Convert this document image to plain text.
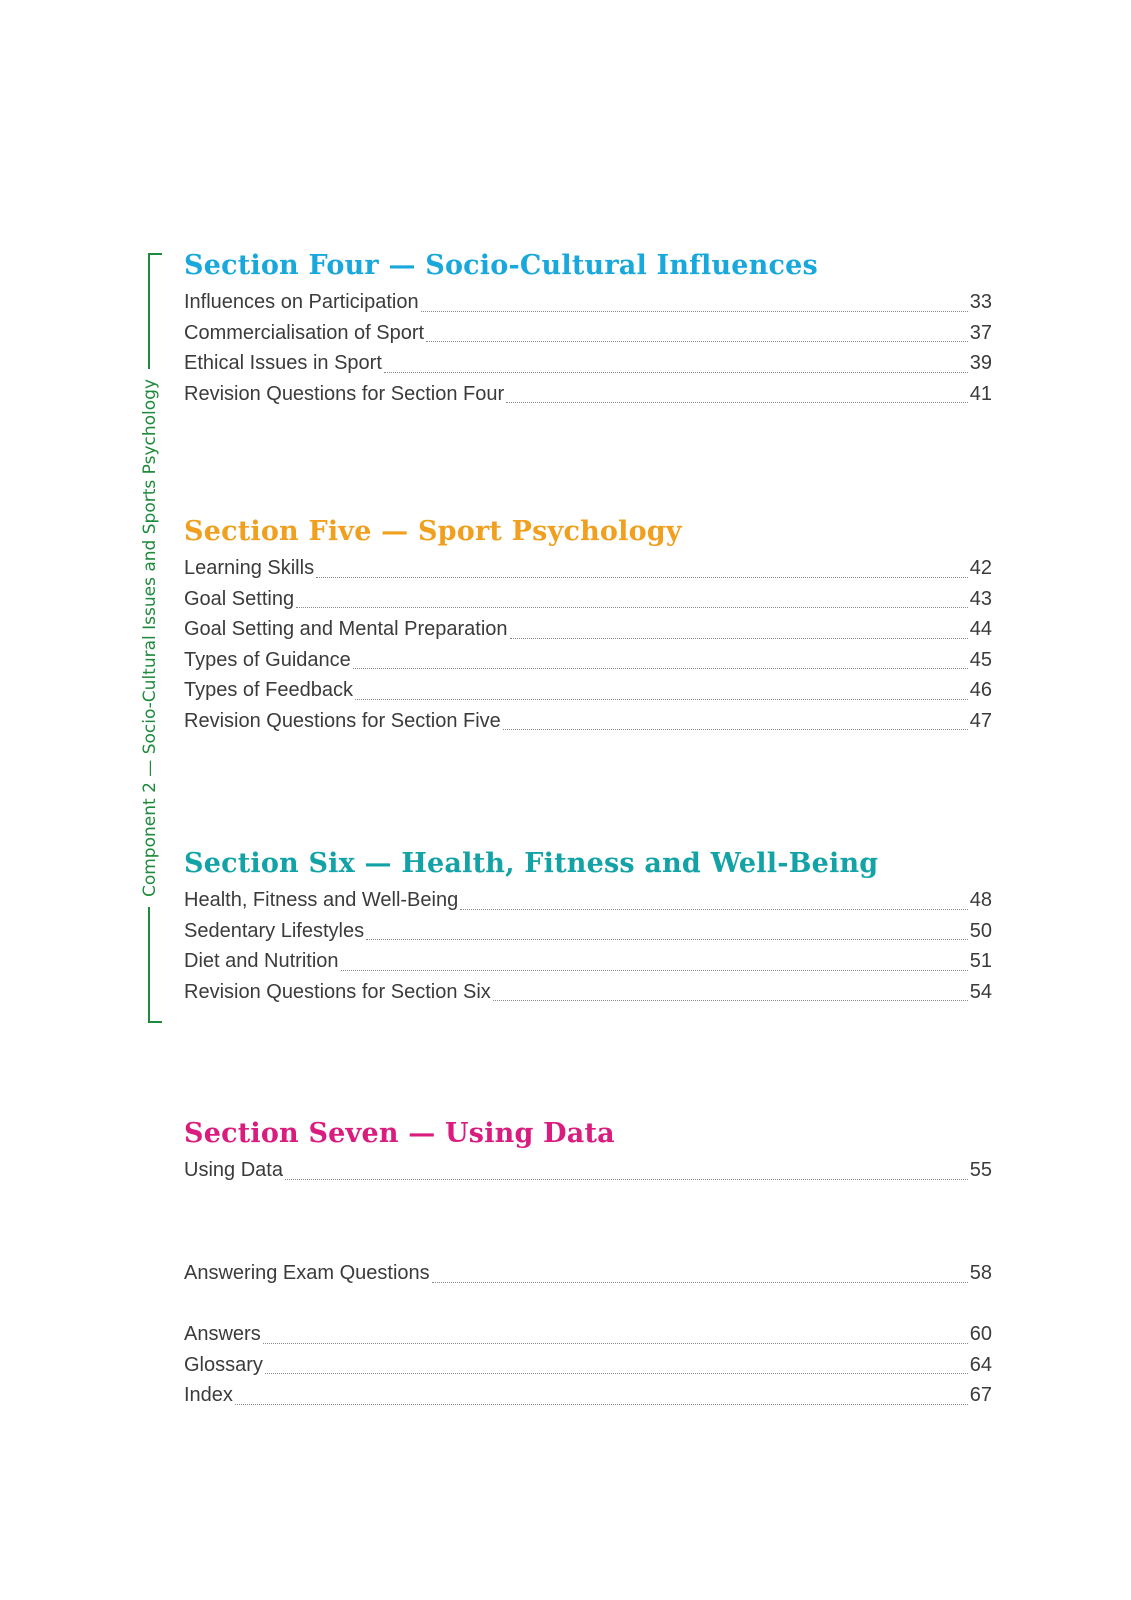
Component 2 — Socio-Cultural Issues and Sports Psychology
Section Four — Socio-Cultural Influences
Influences on Participation	33
Commercialisation of Sport	37
Ethical Issues in Sport	39
Revision Questions for Section Four	41
Section Five — Sport Psychology
Learning Skills	42
Goal Setting	43
Goal Setting and Mental Preparation	44
Types of Guidance	45
Types of Feedback	46
Revision Questions for Section Five	47
Section Six — Health, Fitness and Well-Being
Health, Fitness and Well-Being	48
Sedentary Lifestyles	50
Diet and Nutrition	51
Revision Questions for Section Six	54
Section Seven — Using Data
Using Data	55
Answering Exam Questions	58
Answers	60
Glossary	64
Index	67
